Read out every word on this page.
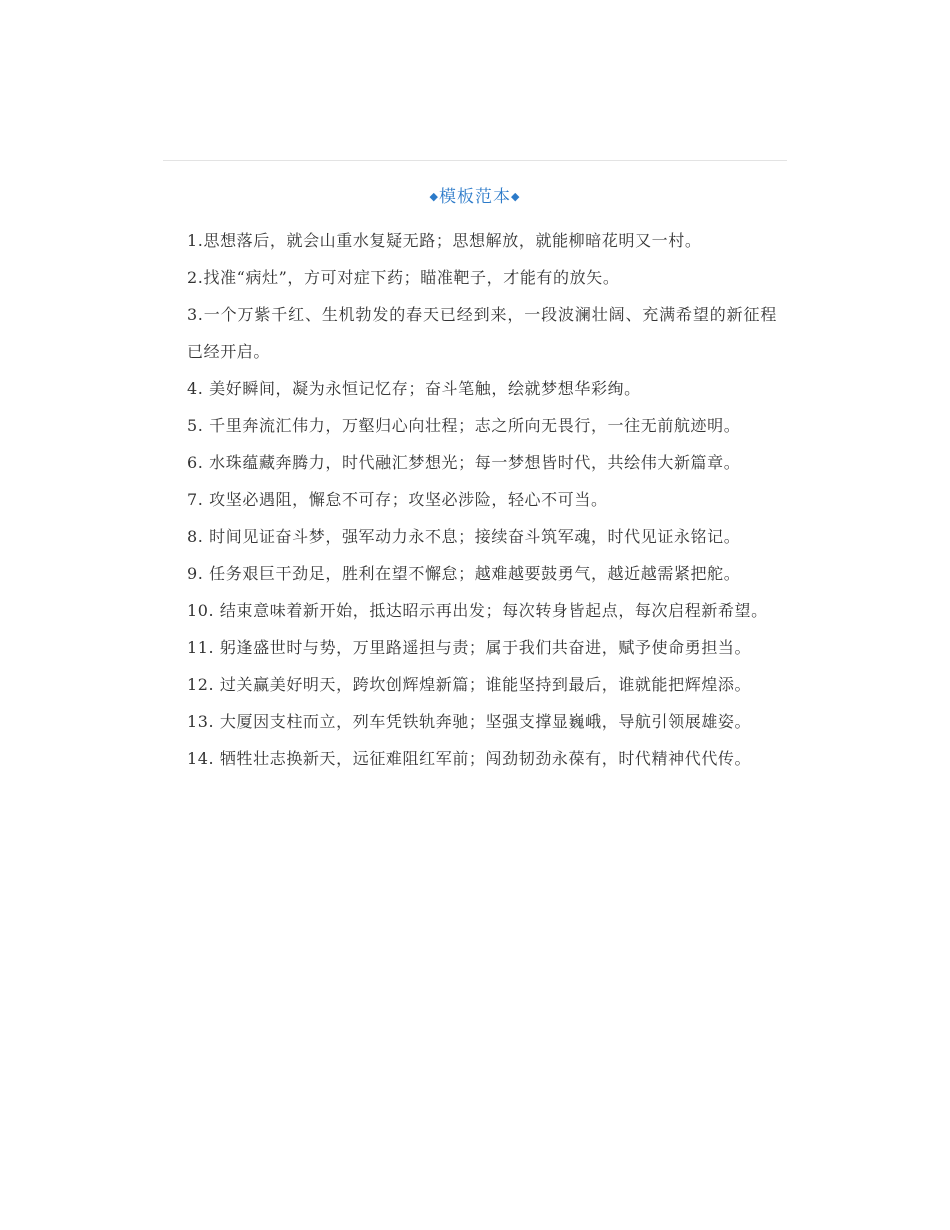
◆模板范本◆

1.思想落后，就会山重水复疑无路；思想解放，就能柳暗花明又一村。

2.找准“病灶”，方可对症下药；瞄准靶子，才能有的放矢。

3.一个万紫千红、生机勃发的春天已经到来，一段波澜壮阔、充满希望的新征程已经开启。

4. 美好瞬间，凝为永恒记忆存；奋斗笔触，绘就梦想华彩绚。

5. 千里奔流汇伟力，万壑归心向壮程；志之所向无畏行，一往无前航迹明。

6. 水珠蕴藏奔腾力，时代融汇梦想光；每一梦想皆时代，共绘伟大新篇章。

7. 攻坚必遇阻，懈怠不可存；攻坚必涉险，轻心不可当。

8. 时间见证奋斗梦，强军动力永不息；接续奋斗筑军魂，时代见证永铭记。

9. 任务艰巨干劲足，胜利在望不懈怠；越难越要鼓勇气，越近越需紧把舵。

10. 结束意味着新开始，抵达昭示再出发；每次转身皆起点，每次启程新希望。

11. 躬逢盛世时与势，万里路遥担与责；属于我们共奋进，赋予使命勇担当。

12. 过关赢美好明天，跨坎创辉煌新篇；谁能坚持到最后，谁就能把辉煌添。

13. 大厦因支柱而立，列车凭铁轨奔驰；坚强支撑显巍峨，导航引领展雄姿。

14. 牺牲壮志换新天，远征难阻红军前；闯劲韧劲永葆有，时代精神代代传。
